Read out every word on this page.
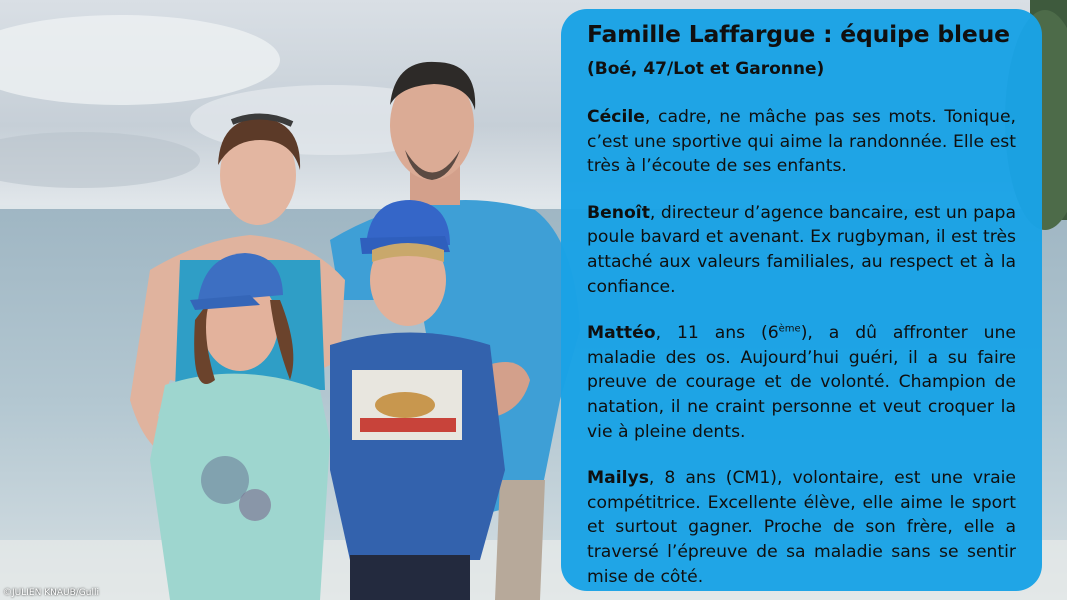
Famille Laffargue : équipe bleue

(Boé, 47/Lot et Garonne)

Cécile, cadre, ne mâche pas ses mots. Tonique, c’est une sportive qui aime la randonnée. Elle est très à l’écoute de ses enfants.

Benoît, directeur d’agence bancaire, est un papa poule bavard et avenant. Ex rugbyman, il est très attaché aux valeurs familiales, au respect et à la confiance.

Mattéo, 11 ans (6ème), a dû affronter une maladie des os. Aujourd’hui guéri, il a su faire preuve de courage et de volonté. Champion de natation, il ne craint personne et veut croquer la vie à pleine dents.

Mailys, 8 ans (CM1), volontaire, est une vraie compétitrice. Excellente élève, elle aime le sport et surtout gagner. Proche de son frère, elle a traversé l’épreuve de sa maladie sans se sentir mise de côté.

©JULIEN KNAUB/Gulli
